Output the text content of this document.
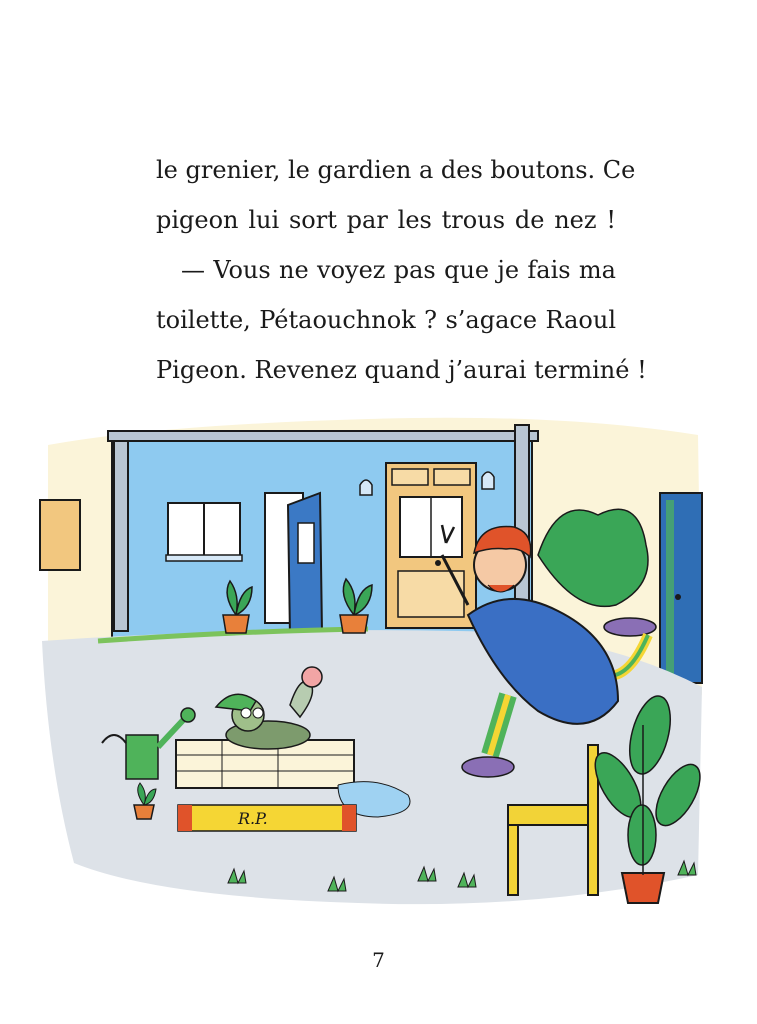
le grenier, le gardien a des boutons. Ce
pigeon lui sort par les trous de nez !
— Vous ne voyez pas que je fais ma
toilette, Pétaouchnok ? s’agace Raoul
Pigeon. Revenez quand j’aurai terminé !
R.P.
7
